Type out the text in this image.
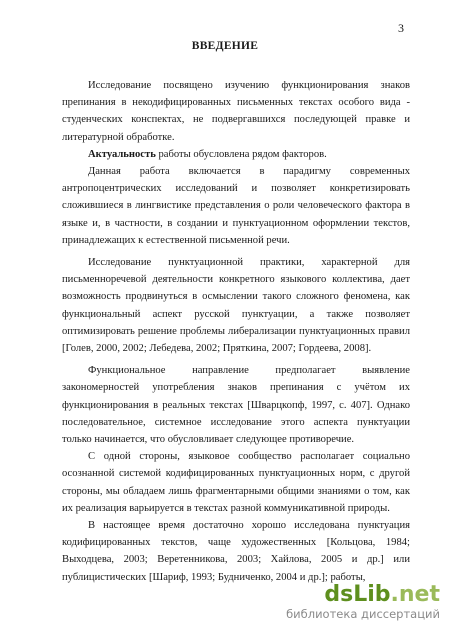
3
ВВЕДЕНИЕ

Исследование посвящено изучению функционирования знаков препинания в некодифицированных письменных текстах особого вида - студенческих конспектах, не подвергавшихся последующей правке и литературной обработке.

Актуальность работы обусловлена рядом факторов.

Данная работа включается в парадигму современных антропоцентрических исследований и позволяет конкретизировать сложившиеся в лингвистике представления о роли человеческого фактора в языке и, в частности, в создании и пунктуационном оформлении текстов, принадлежащих к естественной письменной речи.

Исследование пунктуационной практики, характерной для письменноречевой деятельности конкретного языкового коллектива, дает возможность продвинуться в осмыслении такого сложного феномена, как функциональный аспект русской пунктуации, а также позволяет оптимизировать решение проблемы либерализации пунктуационных правил [Голев, 2000, 2002; Лебедева, 2002; Пряткина, 2007; Гордеева, 2008].

Функциональное направление предполагает выявление закономерностей употребления знаков препинания с учётом их функционирования в реальных текстах [Шварцкопф, 1997, с. 407]. Однако последовательное, системное исследование этого аспекта пунктуации только начинается, что обусловливает следующее противоречие.

С одной стороны, языковое сообщество располагает социально осознанной системой кодифицированных пунктуационных норм, с другой стороны, мы обладаем лишь фрагментарными общими знаниями о том, как их реализация варьируется в текстах разной коммуникативной природы.

В настоящее время достаточно хорошо исследована пунктуация кодифицированных текстов, чаще художественных [Кольцова, 1984; Выходцева, 2003; Веретенникова, 2003; Хайлова, 2005 и др.] или публицистических [Шариф, 1993; Будниченко, 2004 и др.]; работы,

dsLib .net
библиотека диссертаций
